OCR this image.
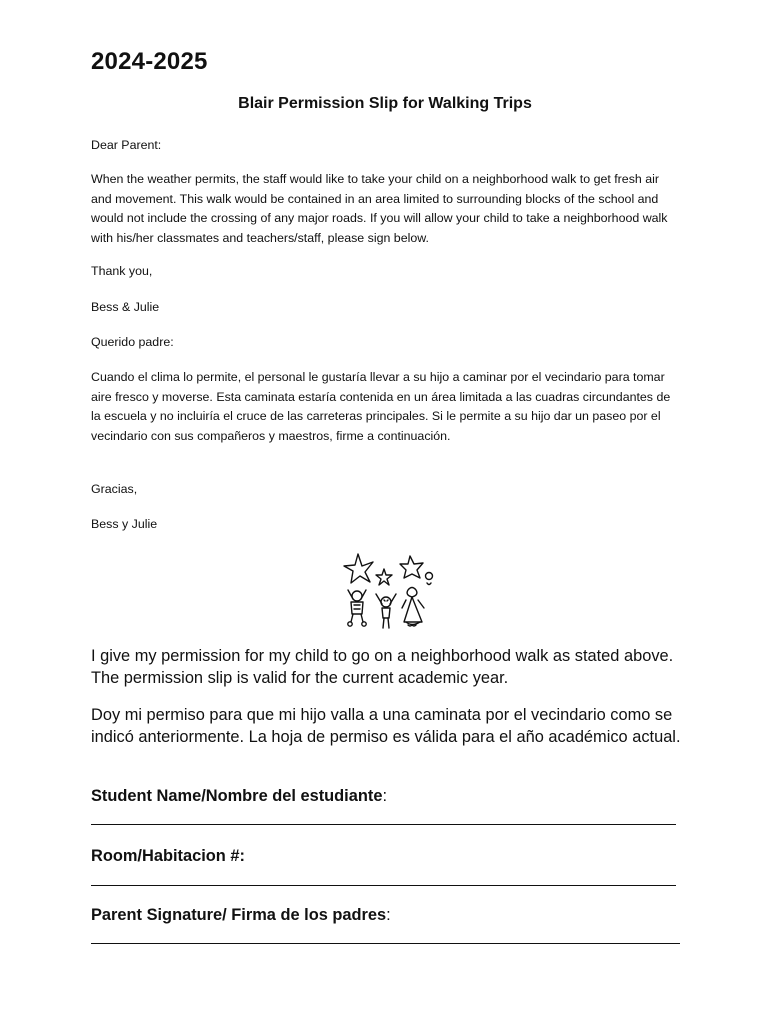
2024-2025
Blair Permission Slip for Walking Trips

Dear Parent:

When the weather permits, the staff would like to take your child on a neighborhood walk to get fresh air and movement. This walk would be contained in an area limited to surrounding blocks of the school and would not include the crossing of any major roads. If you will allow your child to take a neighborhood walk with his/her classmates and teachers/staff, please sign below.

Thank you,

Bess & Julie

Querido padre:

Cuando el clima lo permite, el personal le gustaría llevar a su hijo a caminar por el vecindario para tomar aire fresco y moverse. Esta caminata estaría contenida en un área limitada a las cuadras circundantes de la escuela y no incluiría el cruce de las carreteras principales. Si le permite a su hijo dar un paseo por el vecindario con sus compañeros y maestros, firme a continuación.

Gracias,

Bess y Julie

I give my permission for my child to go on a neighborhood walk as stated above. The permission slip is valid for the current academic year.

Doy mi permiso para que mi hijo valla a una caminata por el vecindario como se indicó anteriormente. La hoja de permiso es válida para el año académico actual.

Student Name/Nombre del estudiante:

Room/Habitacion #:

Parent Signature/ Firma de los padres:
